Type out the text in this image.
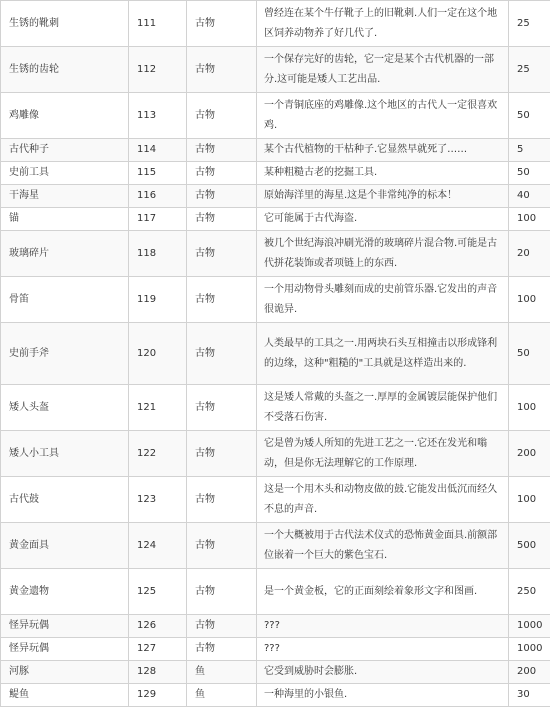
生锈的靴刺	111	古物	曾经连在某个牛仔靴子上的旧靴刺.人们一定在这个地区饲养动物养了好几代了.	25
生锈的齿轮	112	古物	一个保存完好的齿轮，它一定是某个古代机器的一部分.这可能是矮人工艺出品.	25
鸡雕像	113	古物	一个青铜底座的鸡雕像.这个地区的古代人一定很喜欢鸡.	50
古代种子	114	古物	某个古代植物的干枯种子.它显然早就死了……	5
史前工具	115	古物	某种粗糙古老的挖掘工具.	50
干海星	116	古物	原始海洋里的海星.这是个非常纯净的标本！	40
锚	117	古物	它可能属于古代海盗.	100
玻璃碎片	118	古物	被几个世纪海浪冲刷光滑的玻璃碎片混合物.可能是古代拼花装饰或者项链上的东西.	20
骨笛	119	古物	一个用动物骨头雕刻而成的史前管乐器.它发出的声音很诡异.	100
史前手斧	120	古物	人类最早的工具之一.用两块石头互相撞击以形成锋利的边缘，这种"粗糙的"工具就是这样造出来的.	50
矮人头盔	121	古物	这是矮人常戴的头盔之一.厚厚的金属镀层能保护他们不受落石伤害.	100
矮人小工具	122	古物	它是曾为矮人所知的先进工艺之一.它还在发光和嗡动，但是你无法理解它的工作原理.	200
古代鼓	123	古物	这是一个用木头和动物皮做的鼓.它能发出低沉而经久不息的声音.	100
黄金面具	124	古物	一个大概被用于古代法术仪式的恐怖黄金面具.前额部位嵌着一个巨大的紫色宝石.	500
黄金遗物	125	古物	是一个黄金板，它的正面刻绘着象形文字和图画.	250
怪异玩偶	126	古物	???	1000
怪异玩偶	127	古物	???	1000
河豚	128	鱼	它受到威胁时会膨胀.	200
鳀鱼	129	鱼	一种海里的小银鱼.	30
